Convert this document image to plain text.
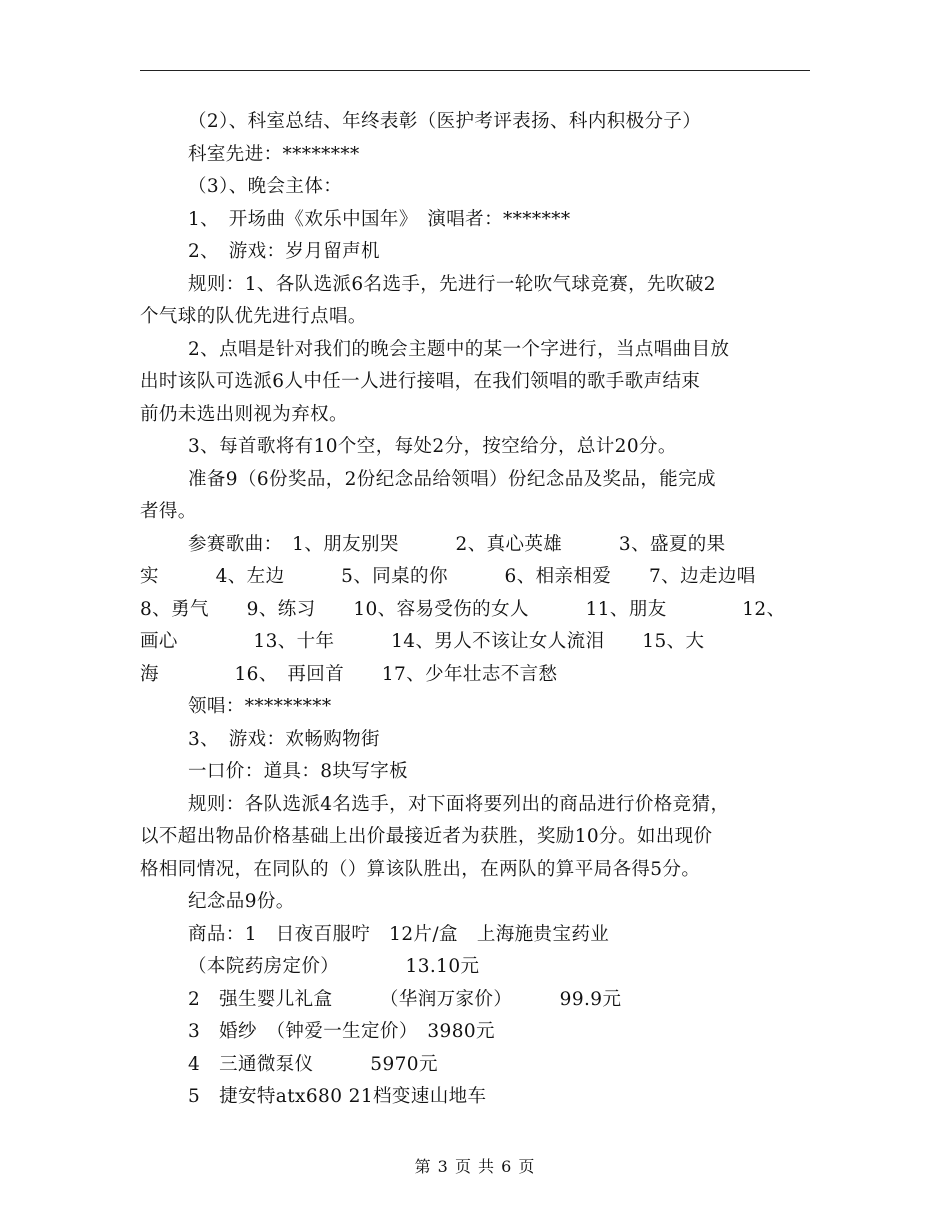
（2）、科室总结、年终表彰（医护考评表扬、科内积极分子）
科室先进：********
（3）、晚会主体：
1、　开场曲《欢乐中国年》　演唱者：*******
2、　游戏：岁月留声机
规则：1、各队选派6名选手，先进行一轮吹气球竞赛，先吹破2
个气球的队优先进行点唱。
2、点唱是针对我们的晚会主题中的某一个字进行，当点唱曲目放
出时该队可选派6人中任一人进行接唱，在我们领唱的歌手歌声结束
前仍未选出则视为弃权。
3、每首歌将有10个空，每处2分，按空给分，总计20分。
准备9（6份奖品，2份纪念品给领唱）份纪念品及奖品，能完成
者得。
参赛歌曲：　1、朋友别哭　　　2、真心英雄　　　3、盛夏的果
实　　　4、左边　　　5、同桌的你　　　6、相亲相爱　　7、边走边唱
8、勇气　　9、练习　　10、容易受伤的女人　　　11、朋友　　　　12、
画心　　　　13、十年　　　14、男人不该让女人流泪　　15、大
海　　　　16、　再回首　　17、少年壮志不言愁
领唱：*********
3、　游戏：欢畅购物街
一口价：道具：8块写字板
规则：各队选派4名选手，对下面将要列出的商品进行价格竞猜，
以不超出物品价格基础上出价最接近者为获胜，奖励10分。如出现价
格相同情况，在同队的（）算该队胜出，在两队的算平局各得5分。
纪念品9份。
商品：1　日夜百服咛　12片/盒　上海施贵宝药业
（本院药房定价）　　　　13.10元
2　强生婴儿礼盒　　　（华润万家价）　　　99.9元
3　婚纱　（钟爱一生定价）　3980元
4　三通微泵仪　　　5970元
5　捷安特atx680 21档变速山地车
第 3 页 共 6 页
